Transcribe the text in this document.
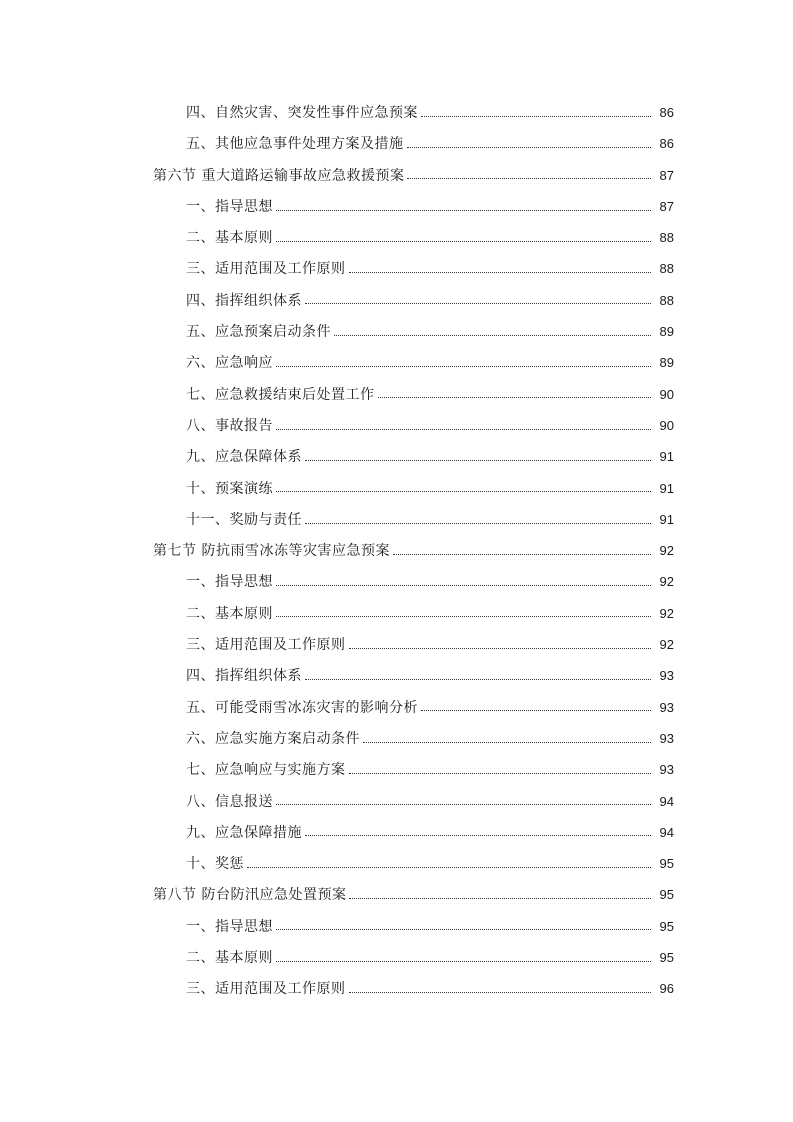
四、自然灾害、突发性事件应急预案	86
五、其他应急事件处理方案及措施	86
第六节 重大道路运输事故应急救援预案	87
一、指导思想	87
二、基本原则	88
三、适用范围及工作原则	88
四、指挥组织体系	88
五、应急预案启动条件	89
六、应急响应	89
七、应急救援结束后处置工作	90
八、事故报告	90
九、应急保障体系	91
十、预案演练	91
十一、奖励与责任	91
第七节 防抗雨雪冰冻等灾害应急预案	92
一、指导思想	92
二、基本原则	92
三、适用范围及工作原则	92
四、指挥组织体系	93
五、可能受雨雪冰冻灾害的影响分析	93
六、应急实施方案启动条件	93
七、应急响应与实施方案	93
八、信息报送	94
九、应急保障措施	94
十、奖惩	95
第八节 防台防汛应急处置预案	95
一、指导思想	95
二、基本原则	95
三、适用范围及工作原则	96
